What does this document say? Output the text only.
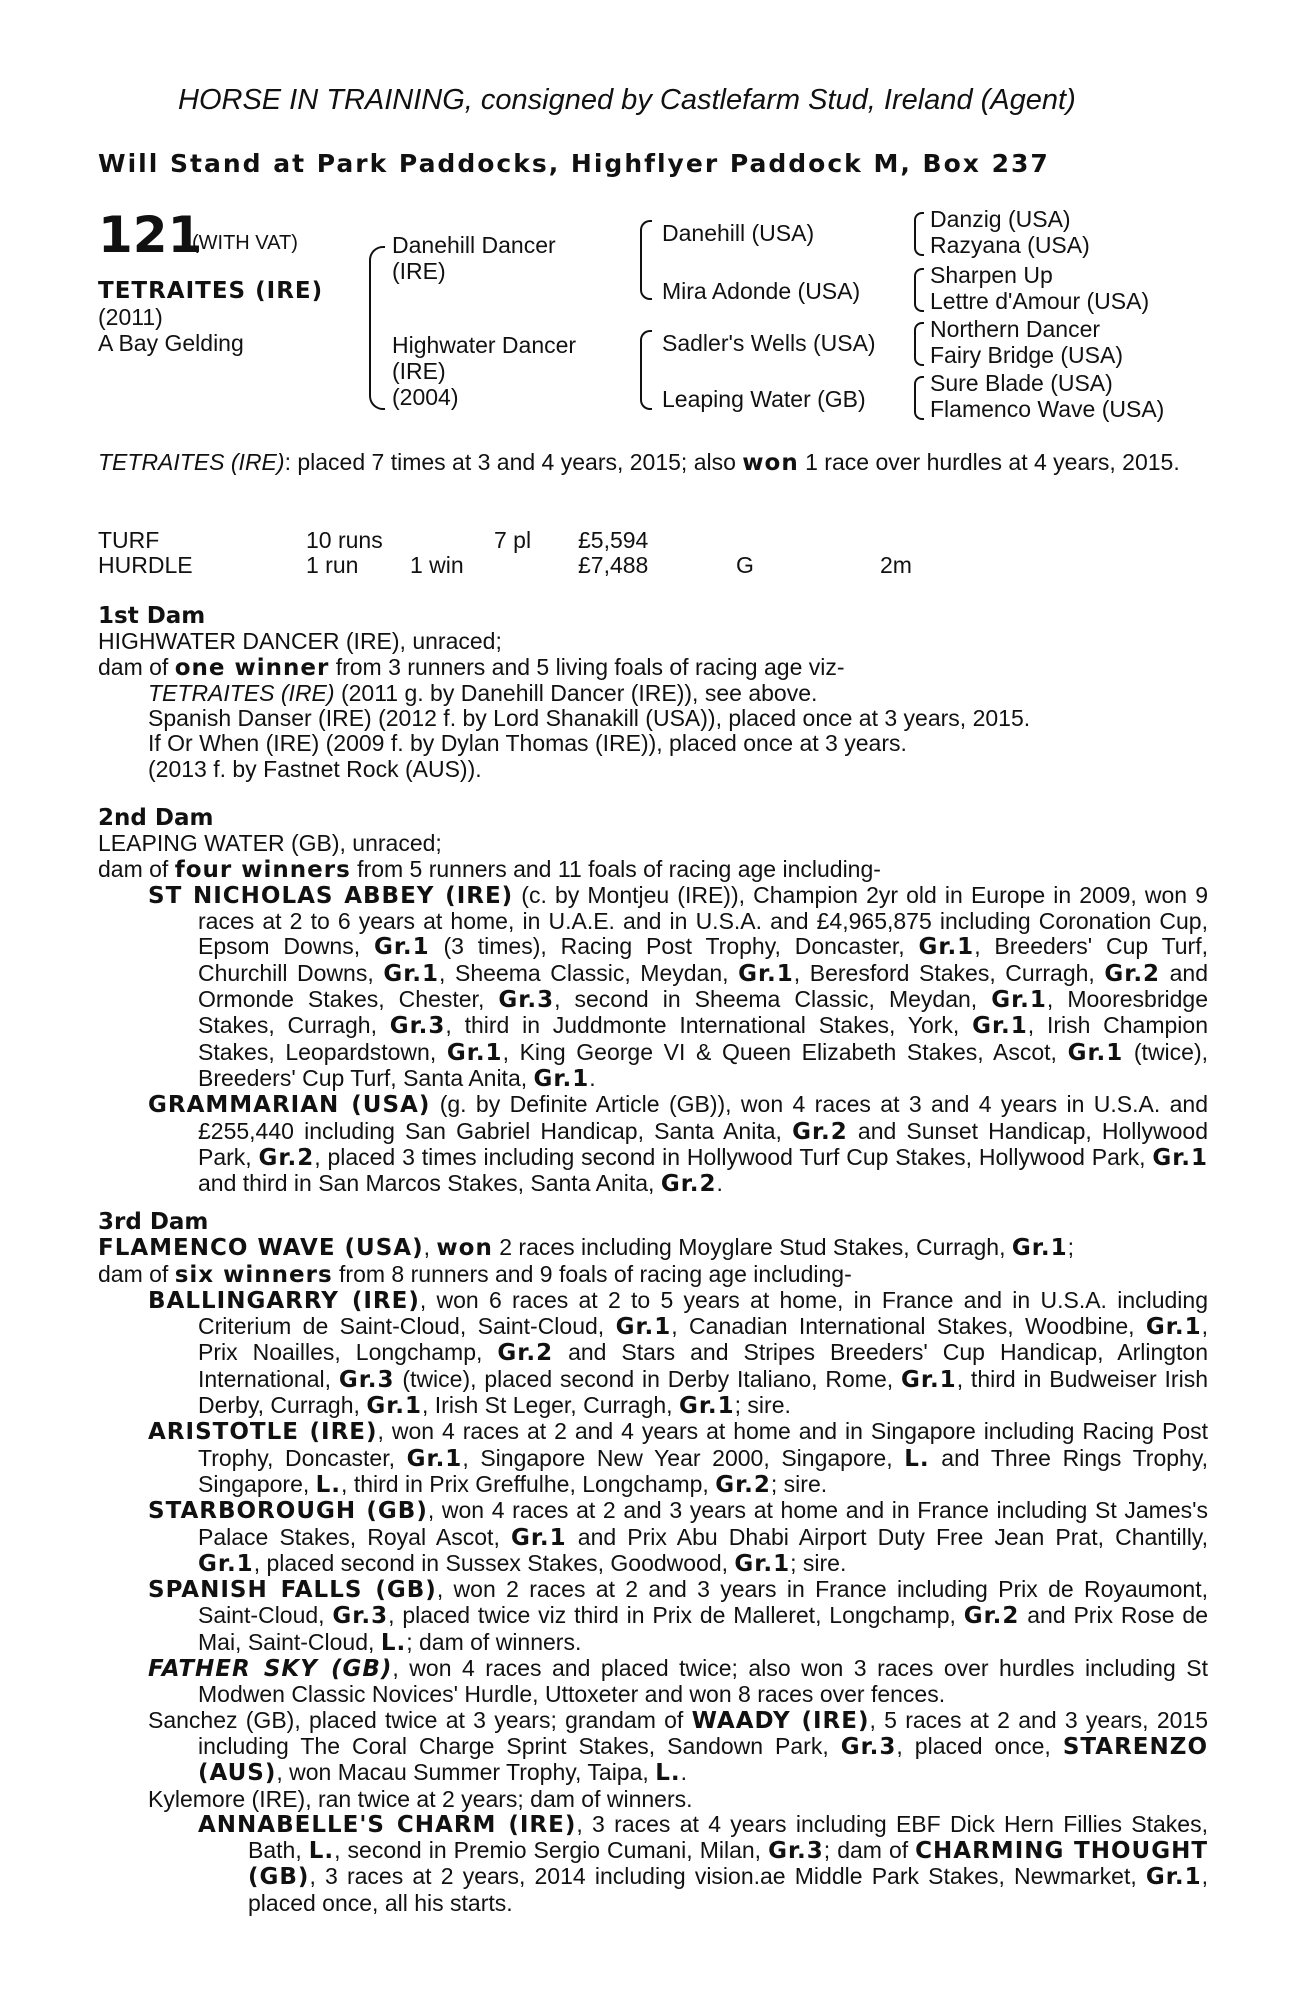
HORSE IN TRAINING, consigned by Castlefarm Stud, Ireland (Agent)
Will Stand at Park Paddocks, Highflyer Paddock M, Box 237
121
(WITH VAT)
TETRAITES (IRE)
(2011)
A Bay Gelding
Danehill Dancer
(IRE)
Highwater Dancer
(IRE)
(2004)
Danehill (USA)
Mira Adonde (USA)
Sadler's Wells (USA)
Leaping Water (GB)
Danzig (USA)
Razyana (USA)
Sharpen Up
Lettre d'Amour (USA)
Northern Dancer
Fairy Bridge (USA)
Sure Blade (USA)
Flamenco Wave (USA)

TETRAITES (IRE): placed 7 times at 3 and 4 years, 2015; also won 1 race over hurdles at 4 years, 2015.

TURF	10 runs	7 pl £5,594
HURDLE	1 run 1 win	£7,488	G	2m

1st Dam

HIGHWATER DANCER (IRE), unraced;

dam of one winner from 3 runners and 5 living foals of racing age viz-

TETRAITES (IRE) (2011 g. by Danehill Dancer (IRE)), see above.

Spanish Danser (IRE) (2012 f. by Lord Shanakill (USA)), placed once at 3 years, 2015.

If Or When (IRE) (2009 f. by Dylan Thomas (IRE)), placed once at 3 years.

(2013 f. by Fastnet Rock (AUS)).

2nd Dam

LEAPING WATER (GB), unraced;

dam of four winners from 5 runners and 11 foals of racing age including-

ST NICHOLAS ABBEY (IRE) (c. by Montjeu (IRE)), Champion 2yr old in Europe in 2009, won 9 races at 2 to 6 years at home, in U.A.E. and in U.S.A. and £4,965,875 including Coronation Cup, Epsom Downs, Gr.1 (3 times), Racing Post Trophy, Doncaster, Gr.1, Breeders' Cup Turf, Churchill Downs, Gr.1, Sheema Classic, Meydan, Gr.1, Beresford Stakes, Curragh, Gr.2 and Ormonde Stakes, Chester, Gr.3, second in Sheema Classic, Meydan, Gr.1, Mooresbridge Stakes, Curragh, Gr.3, third in Juddmonte International Stakes, York, Gr.1, Irish Champion Stakes, Leopardstown, Gr.1, King George VI & Queen Elizabeth Stakes, Ascot, Gr.1 (twice), Breeders' Cup Turf, Santa Anita, Gr.1.

GRAMMARIAN (USA) (g. by Definite Article (GB)), won 4 races at 3 and 4 years in U.S.A. and £255,440 including San Gabriel Handicap, Santa Anita, Gr.2 and Sunset Handicap, Hollywood Park, Gr.2, placed 3 times including second in Hollywood Turf Cup Stakes, Hollywood Park, Gr.1 and third in San Marcos Stakes, Santa Anita, Gr.2.

3rd Dam

FLAMENCO WAVE (USA), won 2 races including Moyglare Stud Stakes, Curragh, Gr.1;

dam of six winners from 8 runners and 9 foals of racing age including-

BALLINGARRY (IRE), won 6 races at 2 to 5 years at home, in France and in U.S.A. including Criterium de Saint-Cloud, Saint-Cloud, Gr.1, Canadian International Stakes, Woodbine, Gr.1, Prix Noailles, Longchamp, Gr.2 and Stars and Stripes Breeders' Cup Handicap, Arlington International, Gr.3 (twice), placed second in Derby Italiano, Rome, Gr.1, third in Budweiser Irish Derby, Curragh, Gr.1, Irish St Leger, Curragh, Gr.1; sire.

ARISTOTLE (IRE), won 4 races at 2 and 4 years at home and in Singapore including Racing Post Trophy, Doncaster, Gr.1, Singapore New Year 2000, Singapore, L. and Three Rings Trophy, Singapore, L., third in Prix Greffulhe, Longchamp, Gr.2; sire.

STARBOROUGH (GB), won 4 races at 2 and 3 years at home and in France including St James's Palace Stakes, Royal Ascot, Gr.1 and Prix Abu Dhabi Airport Duty Free Jean Prat, Chantilly, Gr.1, placed second in Sussex Stakes, Goodwood, Gr.1; sire.

SPANISH FALLS (GB), won 2 races at 2 and 3 years in France including Prix de Royaumont, Saint-Cloud, Gr.3, placed twice viz third in Prix de Malleret, Longchamp, Gr.2 and Prix Rose de Mai, Saint-Cloud, L.; dam of winners.

FATHER SKY (GB), won 4 races and placed twice; also won 3 races over hurdles including St Modwen Classic Novices' Hurdle, Uttoxeter and won 8 races over fences.

Sanchez (GB), placed twice at 3 years; grandam of WAADY (IRE), 5 races at 2 and 3 years, 2015 including The Coral Charge Sprint Stakes, Sandown Park, Gr.3, placed once, STARENZO (AUS), won Macau Summer Trophy, Taipa, L..

Kylemore (IRE), ran twice at 2 years; dam of winners.

ANNABELLE'S CHARM (IRE), 3 races at 4 years including EBF Dick Hern Fillies Stakes, Bath, L., second in Premio Sergio Cumani, Milan, Gr.3; dam of CHARMING THOUGHT (GB), 3 races at 2 years, 2014 including vision.ae Middle Park Stakes, Newmarket, Gr.1, placed once, all his starts.
